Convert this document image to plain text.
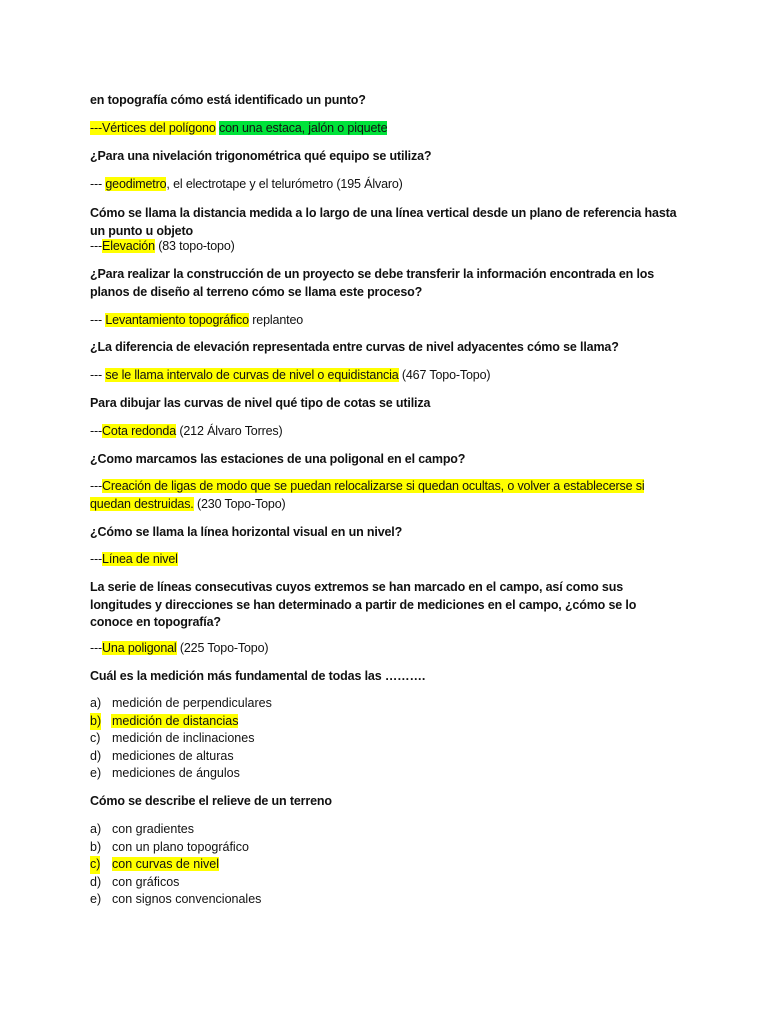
en topografía cómo está identificado un punto?
---Vértices del polígono con una estaca, jalón o piquete
¿Para una nivelación trigonométrica qué equipo se utiliza?
--- geodimetro, el electrotape y el telurómetro (195 Álvaro)
Cómo se llama la distancia medida a lo largo de una línea vertical desde un plano de referencia hasta un punto u objeto
---Elevación (83 topo-topo)
¿Para realizar la construcción de un proyecto se debe transferir la información encontrada en los planos de diseño al terreno cómo se llama este proceso?
--- Levantamiento topográfico replanteo
¿La diferencia de elevación representada entre curvas de nivel adyacentes cómo se llama?
--- se le llama intervalo de curvas de nivel o equidistancia (467 Topo-Topo)
Para dibujar las curvas de nivel qué tipo de cotas se utiliza
---Cota redonda (212 Álvaro Torres)
¿Como marcamos las estaciones de una poligonal en el campo?
---Creación de ligas de modo que se puedan relocalizarse si quedan ocultas, o volver a establecerse si quedan destruidas. (230 Topo-Topo)
¿Cómo se llama la línea horizontal visual en un nivel?
---Línea de nivel
La serie de líneas consecutivas cuyos extremos se han marcado en el campo, así como sus longitudes y direcciones se han determinado a partir de mediciones en el campo, ¿cómo se lo conoce en topografía?
---Una poligonal (225 Topo-Topo)
Cuál es la medición más fundamental de todas las ……….
a) medición de perpendiculares
b) medición de distancias
c) medición de inclinaciones
d) mediciones de alturas
e) mediciones de ángulos
Cómo se describe el relieve de un terreno
a) con gradientes
b) con un plano topográfico
c) con curvas de nivel
d) con gráficos
e) con signos convencionales
